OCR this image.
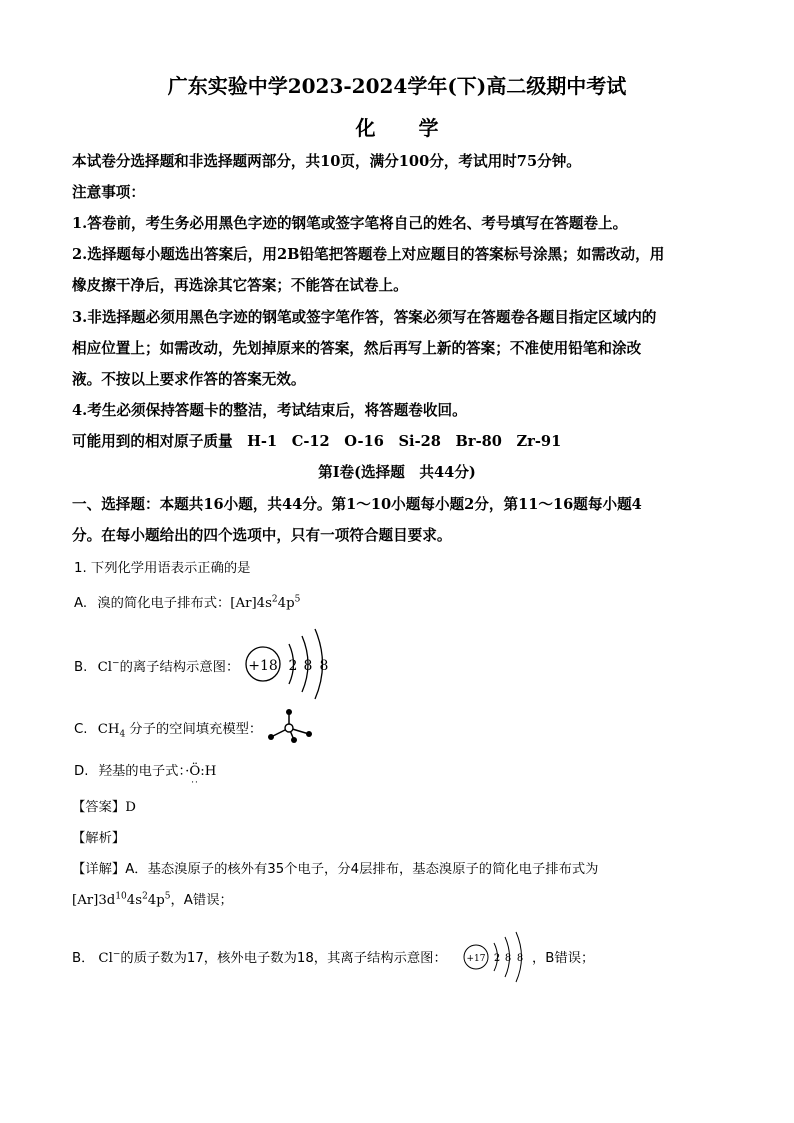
广东实验中学2023-2024学年(下)高二级期中考试
化 学
本试卷分选择题和非选择题两部分，共10页，满分100分，考试用时75分钟。
注意事项：
1.答卷前，考生务必用黑色字迹的钢笔或签字笔将自己的姓名、考号填写在答题卷上。
2.选择题每小题选出答案后，用2B铅笔把答题卷上对应题目的答案标号涂黑；如需改动，用
橡皮擦干净后，再选涂其它答案；不能答在试卷上。
3.非选择题必须用黑色字迹的钢笔或签字笔作答，答案必须写在答题卷各题目指定区域内的
相应位置上；如需改动，先划掉原来的答案，然后再写上新的答案；不准使用铅笔和涂改
液。不按以上要求作答的答案无效。
4.考生必须保持答题卡的整洁，考试结束后，将答题卷收回。
可能用到的相对原子质量　H-1　C-12　O-16　Si-28　Br-80　Zr-91
第Ⅰ卷(选择题　共44分)
一、选择题：本题共16小题，共44分。第1～10小题每小题2分，第11～16题每小题4
分。在每小题给出的四个选项中，只有一项符合题目要求。
1. 下列化学用语表示正确的是
A. 溴的简化电子排布式：$[Ar]4s^24p^5$
B. Cl−的离子结构示意图： +18 2 8 8
C. $CH_4$ 分子的空间填充模型：
D. 羟基的电子式：·Ö:H
··
【答案】D
【解析】
【详解】A．基态溴原子的核外有35个电子，分4层排布，基态溴原子的简化电子排布式为
$[Ar]3d^{10}4s^24p^5$，A错误；
B． Cl−的质子数为17，核外电子数为18，其离子结构示意图： +17 2 8 8 ，B错误；
